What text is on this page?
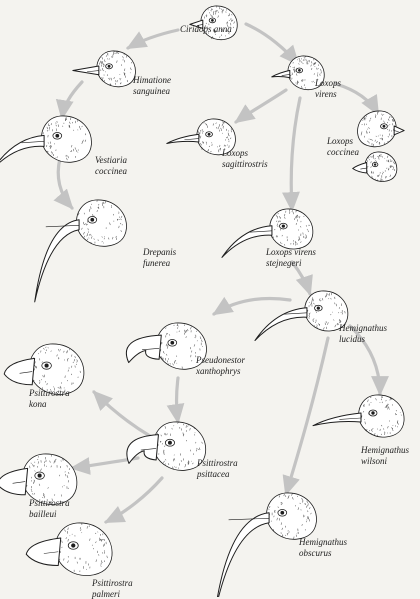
Ciridops anna
Himatione
sanguinea
Loxops
virens
Vestiaria
coccinea
Loxops
sagittirostris
Loxops
coccinea
Drepanis
funerea
Loxops virens
stejnegeri
Hemignathus
lucidus
Pseudonestor
xanthophrys
Psittirostra
kona
Psittirostra
psittacea
Hemignathus
wilsoni
Psittirostra
bailleui
Hemignathus
obscurus
Psittirostra
palmeri
